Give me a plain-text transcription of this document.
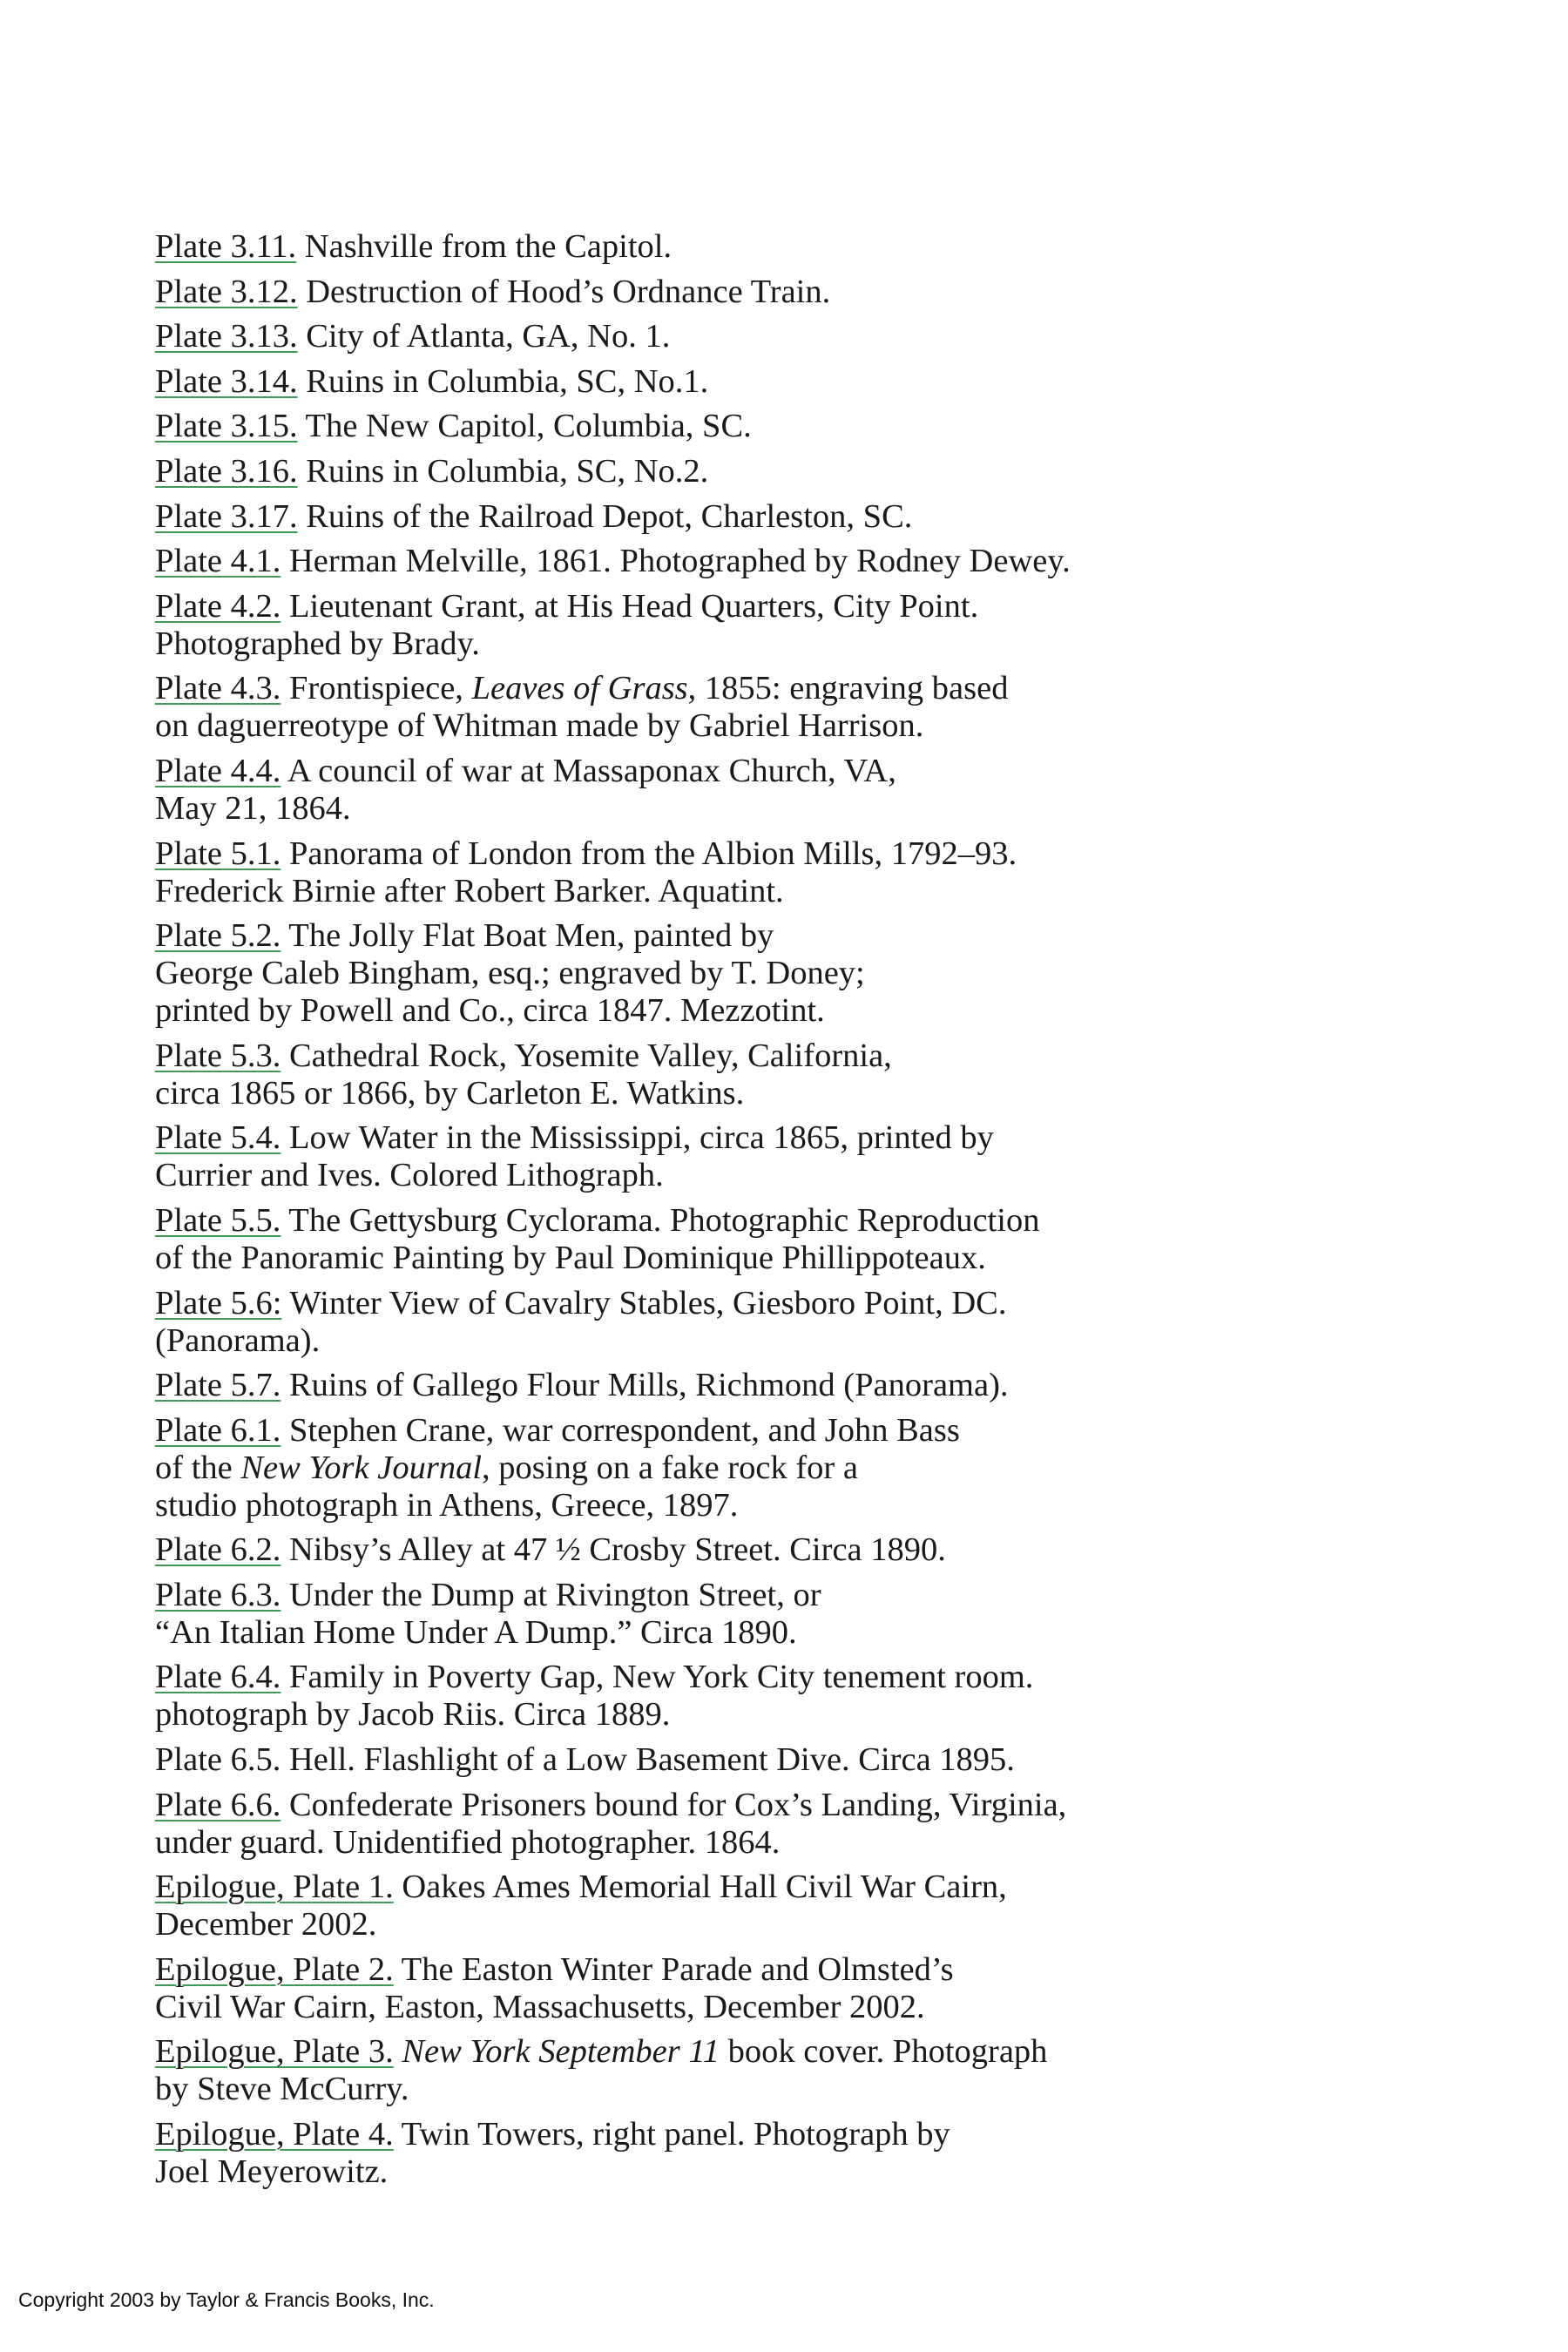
Plate 3.11. Nashville from the Capitol.
Plate 3.12. Destruction of Hood’s Ordnance Train.
Plate 3.13. City of Atlanta, GA, No. 1.
Plate 3.14. Ruins in Columbia, SC, No.1.
Plate 3.15. The New Capitol, Columbia, SC.
Plate 3.16. Ruins in Columbia, SC, No.2.
Plate 3.17. Ruins of the Railroad Depot, Charleston, SC.
Plate 4.1. Herman Melville, 1861. Photographed by Rodney Dewey.
Plate 4.2. Lieutenant Grant, at His Head Quarters, City Point.
Photographed by Brady.
Plate 4.3. Frontispiece, Leaves of Grass, 1855: engraving based
on daguerreotype of Whitman made by Gabriel Harrison.
Plate 4.4. A council of war at Massaponax Church, VA,
May 21, 1864.
Plate 5.1. Panorama of London from the Albion Mills, 1792–93.
Frederick Birnie after Robert Barker. Aquatint.
Plate 5.2. The Jolly Flat Boat Men, painted by
George Caleb Bingham, esq.; engraved by T. Doney;
printed by Powell and Co., circa 1847. Mezzotint.
Plate 5.3. Cathedral Rock, Yosemite Valley, California,
circa 1865 or 1866, by Carleton E. Watkins.
Plate 5.4. Low Water in the Mississippi, circa 1865, printed by
Currier and Ives. Colored Lithograph.
Plate 5.5. The Gettysburg Cyclorama. Photographic Reproduction
of the Panoramic Painting by Paul Dominique Phillippoteaux.
Plate 5.6: Winter View of Cavalry Stables, Giesboro Point, DC.
(Panorama).
Plate 5.7. Ruins of Gallego Flour Mills, Richmond (Panorama).
Plate 6.1. Stephen Crane, war correspondent, and John Bass
of the New York Journal, posing on a fake rock for a
studio photograph in Athens, Greece, 1897.
Plate 6.2. Nibsy’s Alley at 47 ½ Crosby Street. Circa 1890.
Plate 6.3. Under the Dump at Rivington Street, or
“An Italian Home Under A Dump.” Circa 1890.
Plate 6.4. Family in Poverty Gap, New York City tenement room.
photograph by Jacob Riis. Circa 1889.
Plate 6.5. Hell. Flashlight of a Low Basement Dive. Circa 1895.
Plate 6.6. Confederate Prisoners bound for Cox’s Landing, Virginia,
under guard. Unidentified photographer. 1864.
Epilogue, Plate 1. Oakes Ames Memorial Hall Civil War Cairn,
December 2002.
Epilogue, Plate 2. The Easton Winter Parade and Olmsted’s
Civil War Cairn, Easton, Massachusetts, December 2002.
Epilogue, Plate 3. New York September 11 book cover. Photograph
by Steve McCurry.
Epilogue, Plate 4. Twin Towers, right panel. Photograph by
Joel Meyerowitz.

Copyright 2003 by Taylor & Francis Books, Inc.
